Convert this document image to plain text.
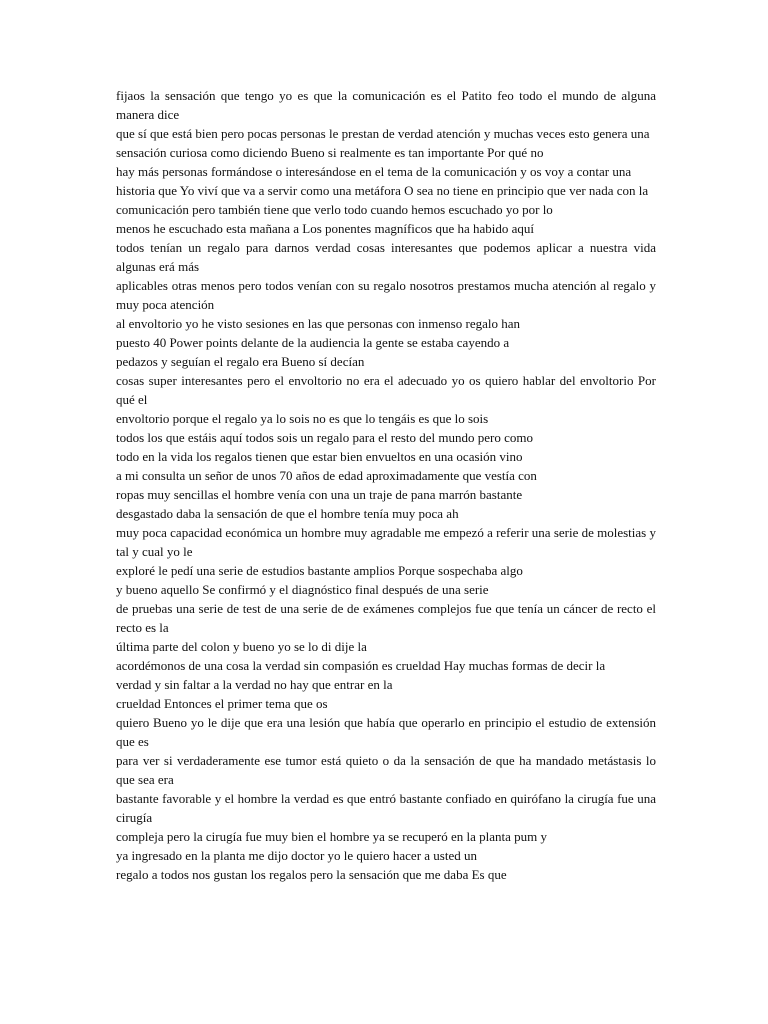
fijaos la sensación que tengo yo es que la comunicación es el Patito feo todo el mundo de alguna manera dice
que sí que está bien pero pocas personas le prestan de verdad atención y muchas veces esto genera una
sensación curiosa como diciendo Bueno si realmente es tan importante Por qué no
hay más personas formándose o interesándose en el tema de la comunicación y os voy a contar una
historia que Yo viví que va a servir como una metáfora O sea no tiene en principio que ver nada con la
comunicación pero también tiene que verlo todo cuando hemos escuchado yo por lo
menos he escuchado esta mañana a Los ponentes magníficos que ha habido aquí
todos tenían un regalo para darnos verdad cosas interesantes que podemos aplicar a nuestra vida algunas erá más
aplicables otras menos pero todos venían con su regalo nosotros prestamos mucha atención al regalo y muy poca atención
al envoltorio yo he visto sesiones en las que personas con inmenso regalo han
puesto 40 Power points delante de la audiencia la gente se estaba cayendo a
pedazos y seguían el regalo era Bueno sí decían
cosas super interesantes pero el envoltorio no era el adecuado yo os quiero hablar del envoltorio Por qué el
envoltorio porque el regalo ya lo sois no es que lo tengáis es que lo sois
todos los que estáis aquí todos sois un regalo para el resto del mundo pero como
todo en la vida los regalos tienen que estar bien envueltos en una ocasión vino
a mi consulta un señor de unos 70 años de edad aproximadamente que vestía con
ropas muy sencillas el hombre venía con una un traje de pana marrón bastante
desgastado daba la sensación de que el hombre tenía muy poca ah
muy poca capacidad económica un hombre muy agradable me empezó a referir una serie de molestias y tal y cual yo le
exploré le pedí una serie de estudios bastante amplios Porque sospechaba algo
y bueno aquello Se confirmó y el diagnóstico final después de una serie
de pruebas una serie de test de una serie de de exámenes complejos fue que tenía un cáncer de recto el recto es la
última parte del colon y bueno yo se lo di dije la
acordémonos de una cosa la verdad sin compasión es crueldad Hay muchas formas de decir la
verdad y sin faltar a la verdad no hay que entrar en la
crueldad Entonces el primer tema que os
quiero Bueno yo le dije que era una lesión que había que operarlo en principio el estudio de extensión que es
para ver si verdaderamente ese tumor está quieto o da la sensación de que ha mandado metástasis lo que sea era
bastante favorable y el hombre la verdad es que entró bastante confiado en quirófano la cirugía fue una cirugía
compleja pero la cirugía fue muy bien el hombre ya se recuperó en la planta pum y
ya ingresado en la planta me dijo doctor yo le quiero hacer a usted un
regalo a todos nos gustan los regalos pero la sensación que me daba Es que
